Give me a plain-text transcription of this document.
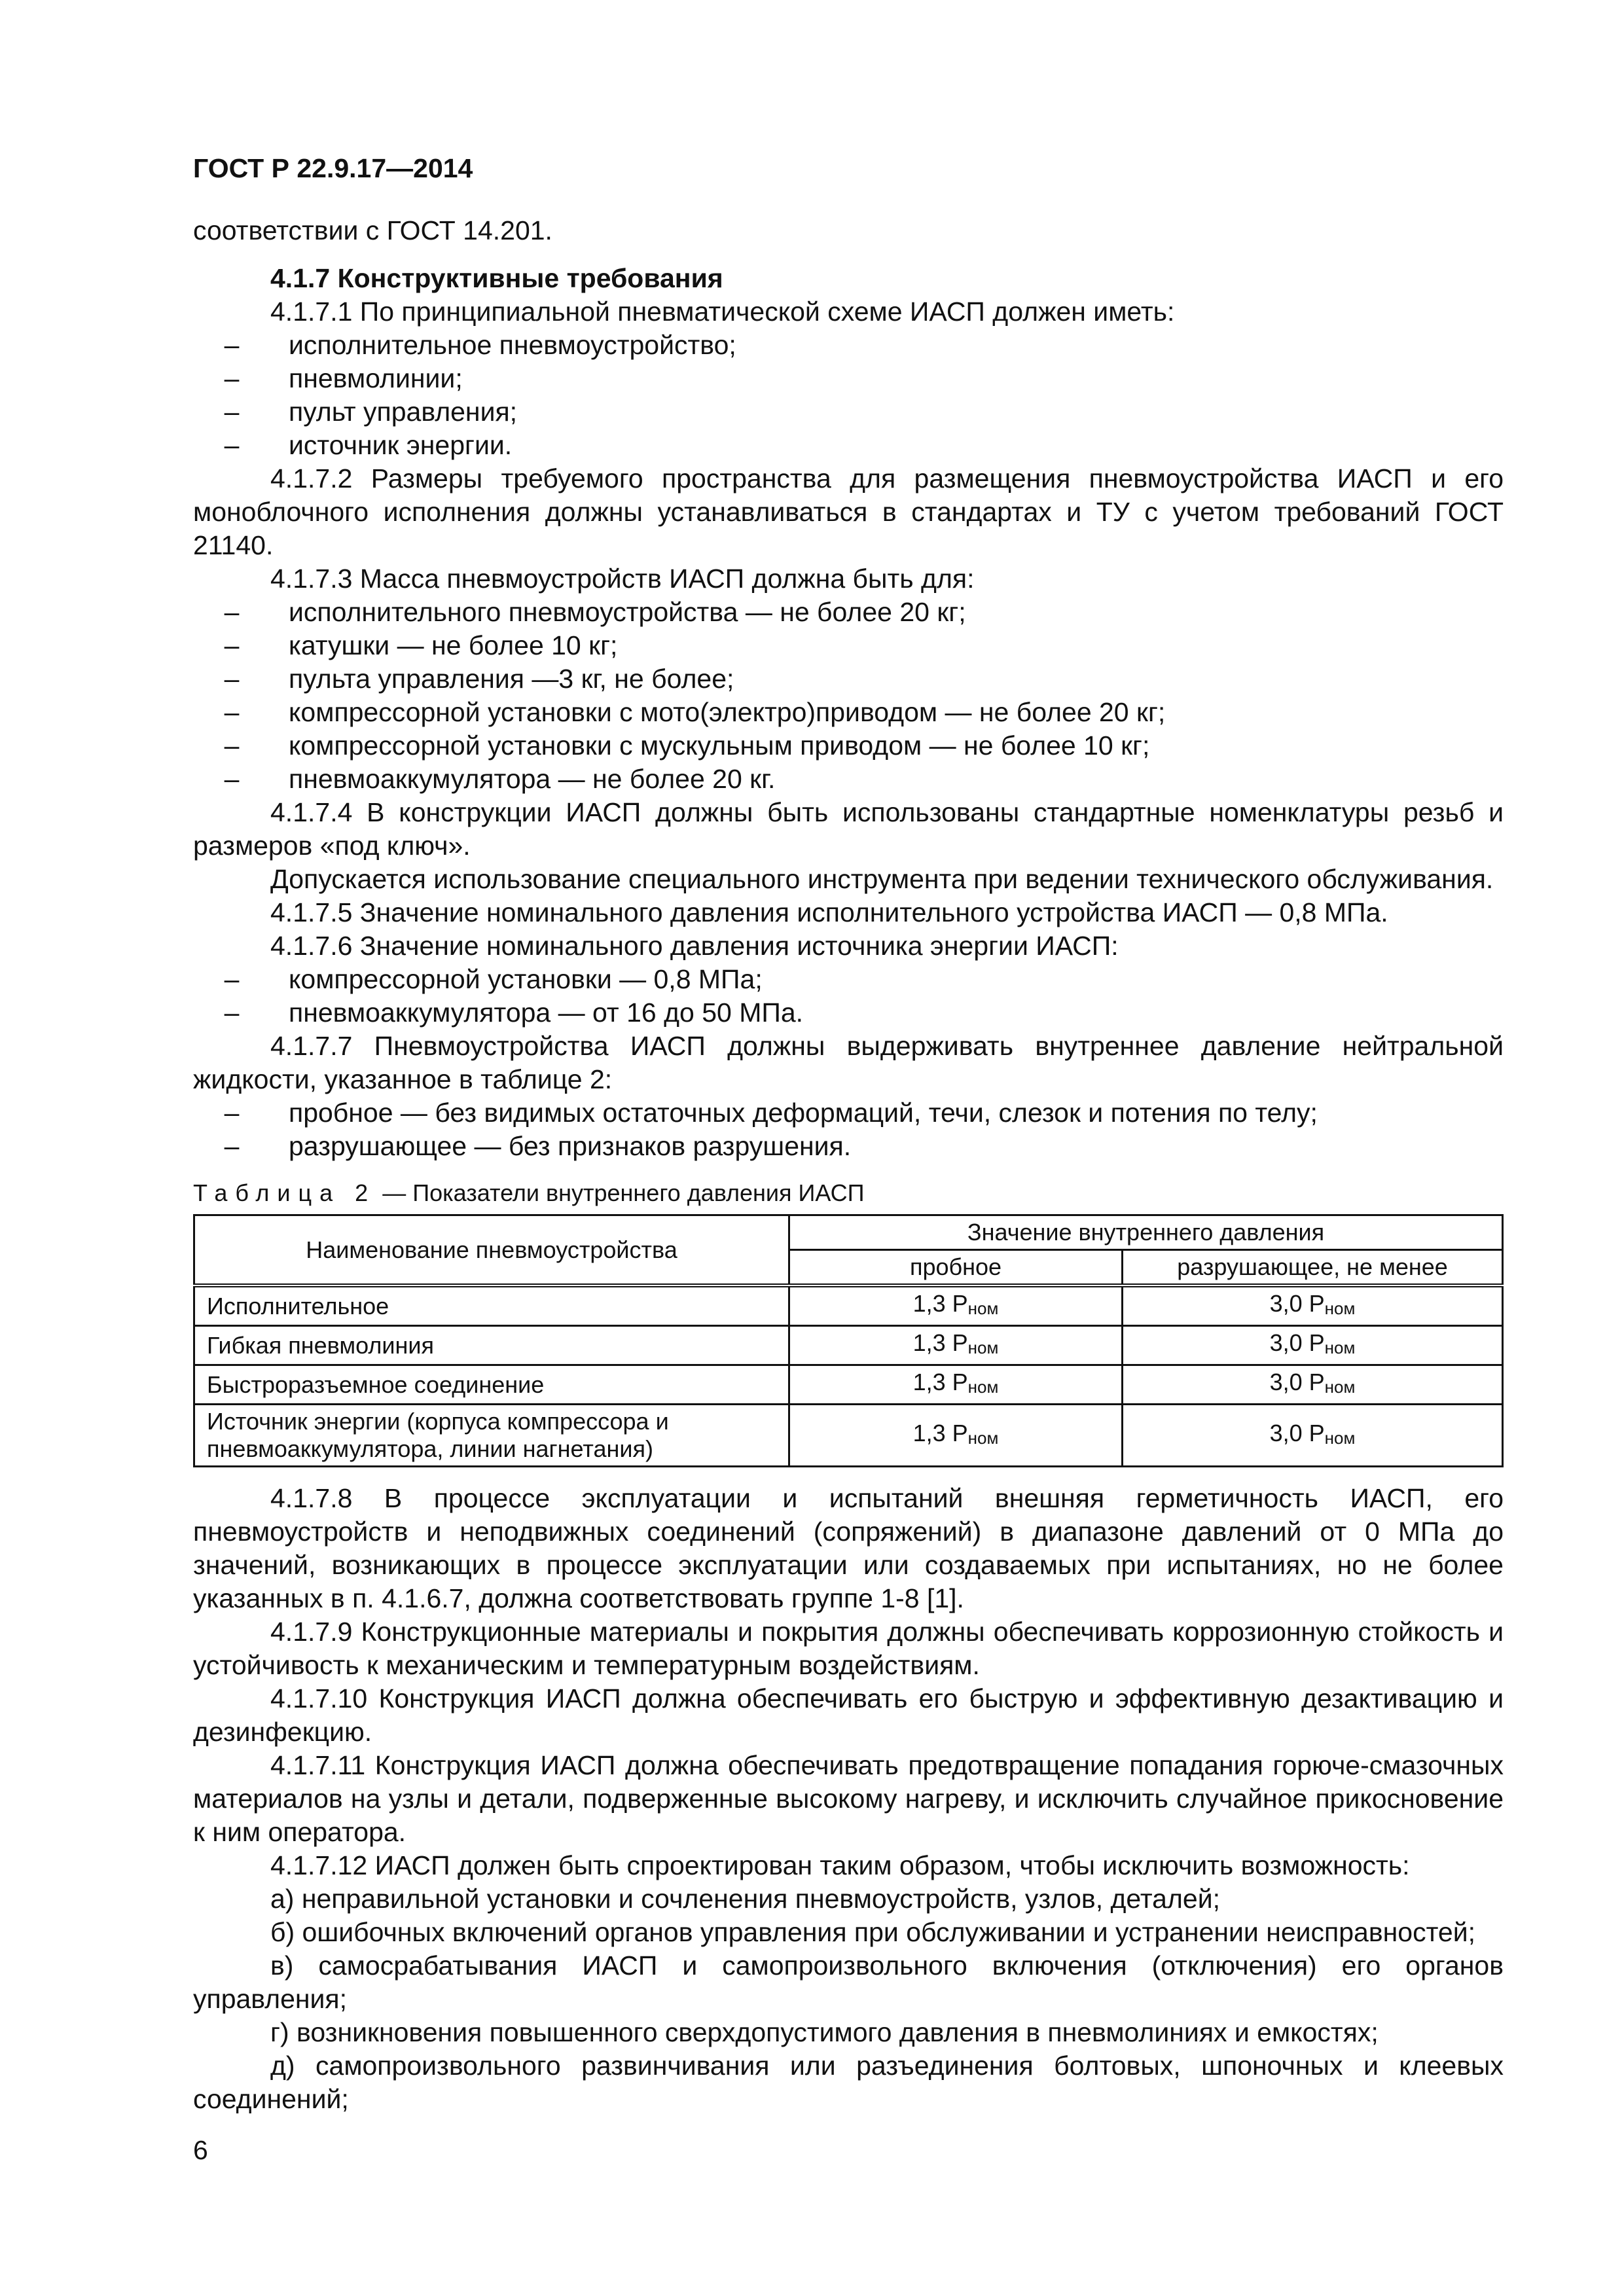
ГОСТ Р 22.9.17—2014
соответствии с ГОСТ 14.201.
4.1.7 Конструктивные требования
4.1.7.1 По принципиальной пневматической схеме ИАСП должен иметь:
–	исполнительное пневмоустройство;
–	пневмолинии;
–	пульт управления;
–	источник энергии.
4.1.7.2 Размеры требуемого пространства для размещения пневмоустройства ИАСП и его моноблочного исполнения должны устанавливаться в стандартах и ТУ с учетом требований ГОСТ 21140.
4.1.7.3 Масса пневмоустройств ИАСП должна быть для:
–	исполнительного пневмоустройства — не более 20 кг;
–	катушки — не более 10 кг;
–	пульта управления —3 кг, не более;
–	компрессорной установки с мото(электро)приводом — не более 20 кг;
–	компрессорной установки с мускульным приводом — не более 10 кг;
–	пневмоаккумулятора — не более 20 кг.
4.1.7.4 В конструкции ИАСП должны быть использованы стандартные номенклатуры резьб и размеров «под ключ».
Допускается использование специального инструмента при ведении технического обслуживания.
4.1.7.5 Значение номинального давления исполнительного устройства ИАСП — 0,8 МПа.
4.1.7.6 Значение номинального давления источника энергии ИАСП:
–	компрессорной установки — 0,8 МПа;
–	пневмоаккумулятора — от 16 до 50 МПа.
4.1.7.7 Пневмоустройства ИАСП должны выдерживать внутреннее давление нейтральной жидкости, указанное в таблице 2:
–	пробное — без видимых остаточных деформаций, течи, слезок и потения по телу;
–	разрушающее — без признаков разрушения.
Таблица 2 — Показатели внутреннего давления ИАСП
Наименование пневмоустройства	Значение внутреннего давления	
	пробное	разрушающее, не менее
Исполнительное	1,3 $P_{ном}$	3,0 $P_{ном}$
Гибкая пневмолиния	1,3 $P_{ном}$	3,0 $P_{ном}$
Быстроразъемное соединение	1,3 $P_{ном}$	3,0 $P_{ном}$
Источник энергии (корпуса компрессора и пневмоаккумулятора, линии нагнетания)	1,3 $P_{ном}$	3,0 $P_{ном}$
4.1.7.8 В процессе эксплуатации и испытаний внешняя герметичность ИАСП, его пневмоустройств и неподвижных соединений (сопряжений) в диапазоне давлений от 0 МПа до значений, возникающих в процессе эксплуатации или создаваемых при испытаниях, но не более указанных в п. 4.1.6.7, должна соответствовать группе 1-8 [1].
4.1.7.9 Конструкционные материалы и покрытия должны обеспечивать коррозионную стойкость и устойчивость к механическим и температурным воздействиям.
4.1.7.10 Конструкция ИАСП должна обеспечивать его быструю и эффективную дезактивацию и дезинфекцию.
4.1.7.11 Конструкция ИАСП должна обеспечивать предотвращение попадания горюче-смазочных материалов на узлы и детали, подверженные высокому нагреву, и исключить случайное прикосновение к ним оператора.
4.1.7.12 ИАСП должен быть спроектирован таким образом, чтобы исключить возможность:
а) неправильной установки и сочленения пневмоустройств, узлов, деталей;
б) ошибочных включений органов управления при обслуживании и устранении неисправностей;
в) самосрабатывания ИАСП и самопроизвольного включения (отключения) его органов управления;
г) возникновения повышенного сверхдопустимого давления в пневмолиниях и емкостях;
д) самопроизвольного развинчивания или разъединения болтовых, шпоночных и клеевых соединений;
6
